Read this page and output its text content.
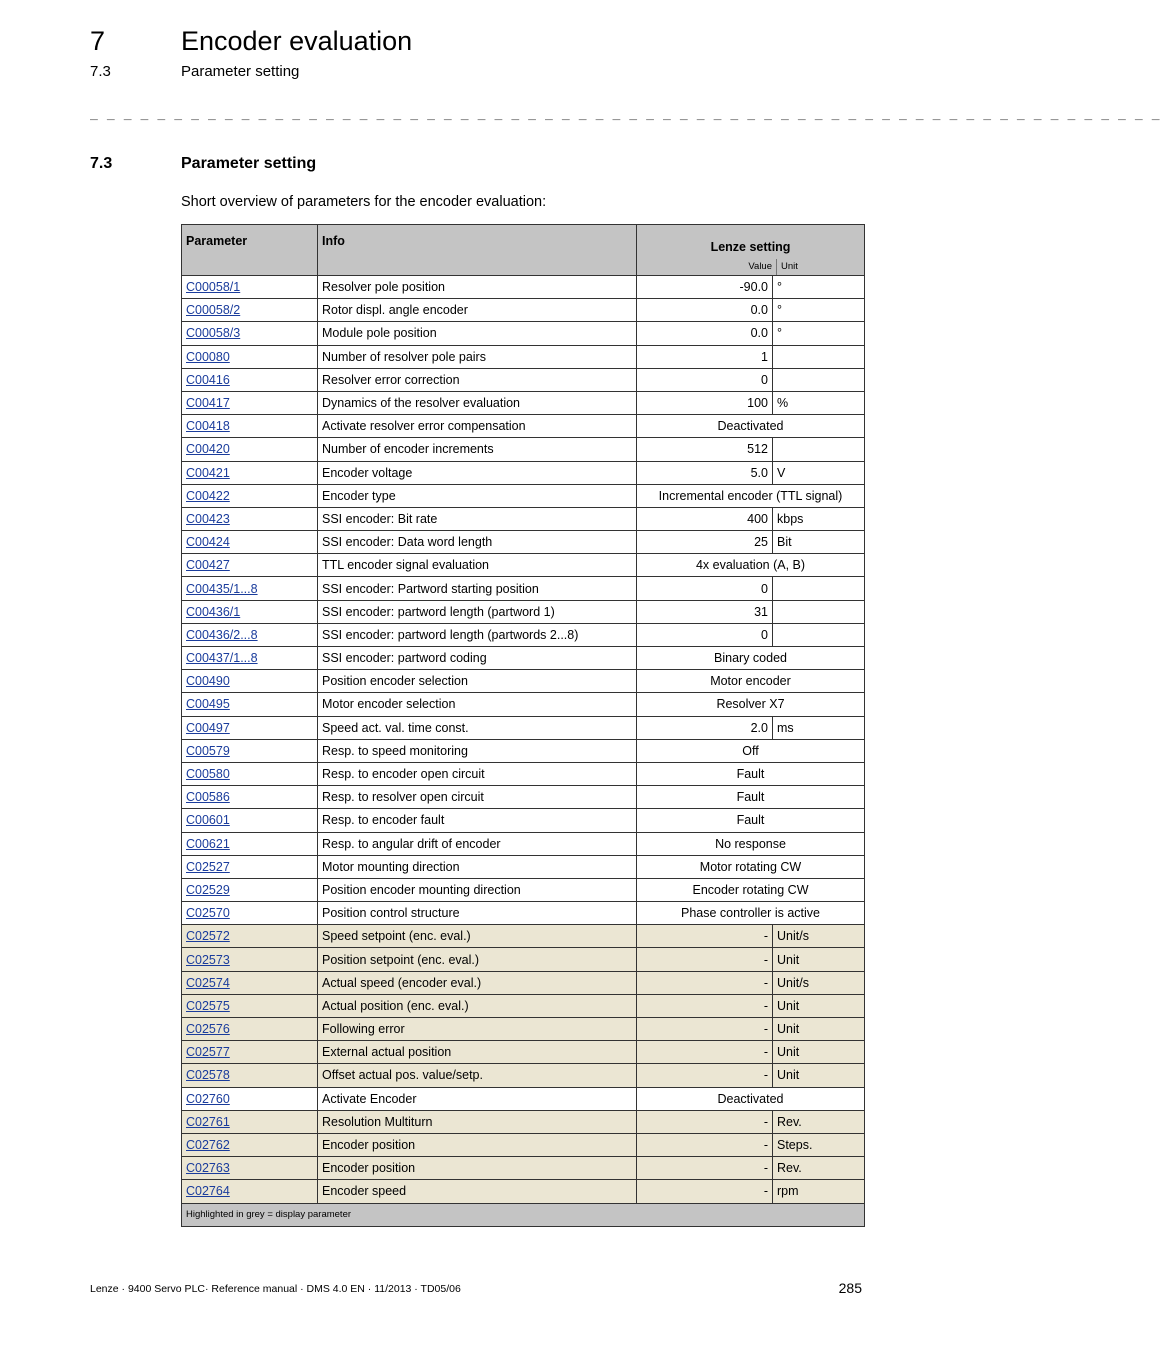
7	Encoder evaluation
7.3	Parameter setting
_ _ _ _ _ _ _ _ _ _ _ _ _ _ _ _ _ _ _ _ _ _ _ _ _ _ _ _ _ _ _ _ _ _ _ _ _ _ _ _ _ _ _ _ _ _ _ _ _ _ _ _ _ _ _ _ _ _ _ _ _ _ _ _
7.3	Parameter setting
Short overview of parameters for the encoder evaluation:
Parameter	Info	Lenze setting
Value Unit	

C00058/1	Resolver pole position	-90.0	°
C00058/2	Rotor displ. angle encoder	0.0	°
C00058/3	Module pole position	0.0	°
C00080	Number of resolver pole pairs	1	
C00416	Resolver error correction	0	
C00417	Dynamics of the resolver evaluation	100	%
C00418	Activate resolver error compensation	Deactivated	
C00420	Number of encoder increments	512	
C00421	Encoder voltage	5.0	V
C00422	Encoder type	Incremental encoder (TTL signal)	
C00423	SSI encoder: Bit rate	400	kbps
C00424	SSI encoder: Data word length	25	Bit
C00427	TTL encoder signal evaluation	4x evaluation (A, B)	
C00435/1...8	SSI encoder: Partword starting position	0	
C00436/1	SSI encoder: partword length (partword 1)	31	
C00436/2...8	SSI encoder: partword length (partwords 2...8)	0	
C00437/1...8	SSI encoder: partword coding	Binary coded	
C00490	Position encoder selection	Motor encoder	
C00495	Motor encoder selection	Resolver X7	
C00497	Speed act. val. time const.	2.0	ms
C00579	Resp. to speed monitoring	Off	
C00580	Resp. to encoder open circuit	Fault	
C00586	Resp. to resolver open circuit	Fault	
C00601	Resp. to encoder fault	Fault	
C00621	Resp. to angular drift of encoder	No response	
C02527	Motor mounting direction	Motor rotating CW	
C02529	Position encoder mounting direction	Encoder rotating CW	
C02570	Position control structure	Phase controller is active	
C02572	Speed setpoint (enc. eval.)	-	Unit/s
C02573	Position setpoint (enc. eval.)	-	Unit
C02574	Actual speed (encoder eval.)	-	Unit/s
C02575	Actual position (enc. eval.)	-	Unit
C02576	Following error	-	Unit
C02577	External actual position	-	Unit
C02578	Offset actual pos. value/setp.	-	Unit
C02760	Activate Encoder	Deactivated	
C02761	Resolution Multiturn	-	Rev.
C02762	Encoder position	-	Steps.
C02763	Encoder position	-	Rev.
C02764	Encoder speed	-	rpm
Highlighted in grey = display parameter			
Lenze · 9400 Servo PLC· Reference manual · DMS 4.0 EN · 11/2013 · TD05/06	285
